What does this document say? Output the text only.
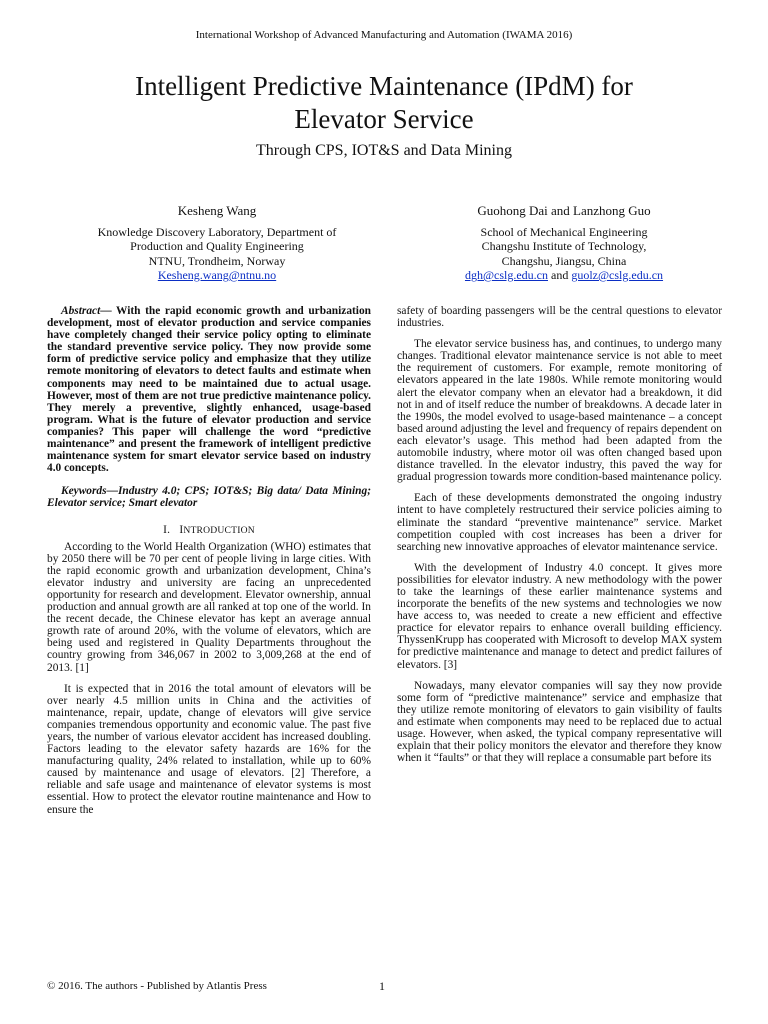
International Workshop of Advanced Manufacturing and Automation (IWAMA 2016)
Intelligent Predictive Maintenance (IPdM) for
Elevator Service
Through CPS, IOT&S and Data Mining
Kesheng Wang
Knowledge Discovery Laboratory, Department of
Production and Quality Engineering
NTNU, Trondheim, Norway
Kesheng.wang@ntnu.no
Guohong Dai and Lanzhong Guo
School of Mechanical Engineering
Changshu Institute of Technology,
Changshu, Jiangsu, China
dgh@cslg.edu.cn and guolz@cslg.edu.cn

Abstract— With the rapid economic growth and urbanization development, most of elevator production and service companies have completely changed their service policy opting to eliminate the standard preventive service policy. They now provide some form of predictive service policy and emphasize that they utilize remote monitoring of elevators to detect faults and estimate when components may need to be maintained due to actual usage. However, most of them are not true predictive maintenance policy. They merely a preventive, slightly enhanced, usage-based program. What is the future of elevator production and service companies? This paper will challenge the word “predictive maintenance” and present the framework of intelligent predictive maintenance system for smart elevator service based on industry 4.0 concepts.

Keywords—Industry 4.0; CPS; IOT&S; Big data/ Data Mining; Elevator service; Smart elevator

I. INTRODUCTION

According to the World Health Organization (WHO) estimates that by 2050 there will be 70 per cent of people living in large cities. With the rapid economic growth and urbanization development, China’s elevator industry and university are facing an unprecedented opportunity for research and development. Elevator ownership, annual production and annual growth are all ranked at top one of the world. In the recent decade, the Chinese elevator has kept an average annual growth rate of around 20%, with the volume of elevators, which are being used and registered in Quality Departments throughout the country growing from 346,067 in 2002 to 3,009,268 at the end of 2013. [1]

It is expected that in 2016 the total amount of elevators will be over nearly 4.5 million units in China and the activities of maintenance, repair, update, change of elevators will give service companies tremendous opportunity and economic value. The past five years, the number of various elevator accident has increased doubling. Factors leading to the elevator safety hazards are 16% for the manufacturing quality, 24% related to installation, while up to 60% caused by maintenance and usage of elevators. [2] Therefore, a reliable and safe usage and maintenance of elevator systems is most essential. How to protect the elevator routine maintenance and How to ensure the

safety of boarding passengers will be the central questions to elevator industries.

The elevator service business has, and continues, to undergo many changes. Traditional elevator maintenance service is not able to meet the requirement of customers. For example, remote monitoring of elevators appeared in the late 1980s. While remote monitoring would alert the elevator company when an elevator had a breakdown, it did not in and of itself reduce the number of breakdowns. A decade later in the 1990s, the model evolved to usage-based maintenance – a concept based around adjusting the level and frequency of repairs dependent on each elevator’s usage. This method had been adapted from the automobile industry, where motor oil was often changed based upon distance travelled. In the elevator industry, this paved the way for gradual progression towards more condition-based maintenance policy.

Each of these developments demonstrated the ongoing industry intent to have completely restructured their service policies aiming to eliminate the standard “preventive maintenance” service. Market competition coupled with cost increases has been a driver for searching new innovative approaches of elevator maintenance service.

With the development of Industry 4.0 concept. It gives more possibilities for elevator industry. A new methodology with the power to take the learnings of these earlier maintenance systems and incorporate the benefits of the new systems and technologies we now have access to, was needed to create a new efficient and effective practice for elevator repairs to enhance overall building efficiency. ThyssenKrupp has cooperated with Microsoft to develop MAX system for predictive maintenance and manage to detect and predict failures of elevators. [3]

Nowadays, many elevator companies will say they now provide some form of “predictive maintenance” service and emphasize that they utilize remote monitoring of elevators to gain visibility of faults and estimate when components may need to be replaced due to actual usage. However, when asked, the typical company representative will explain that their policy monitors the elevator and therefore they know when it “faults” or that they will replace a consumable part before its

© 2016. The authors - Published by Atlantis Press	1
